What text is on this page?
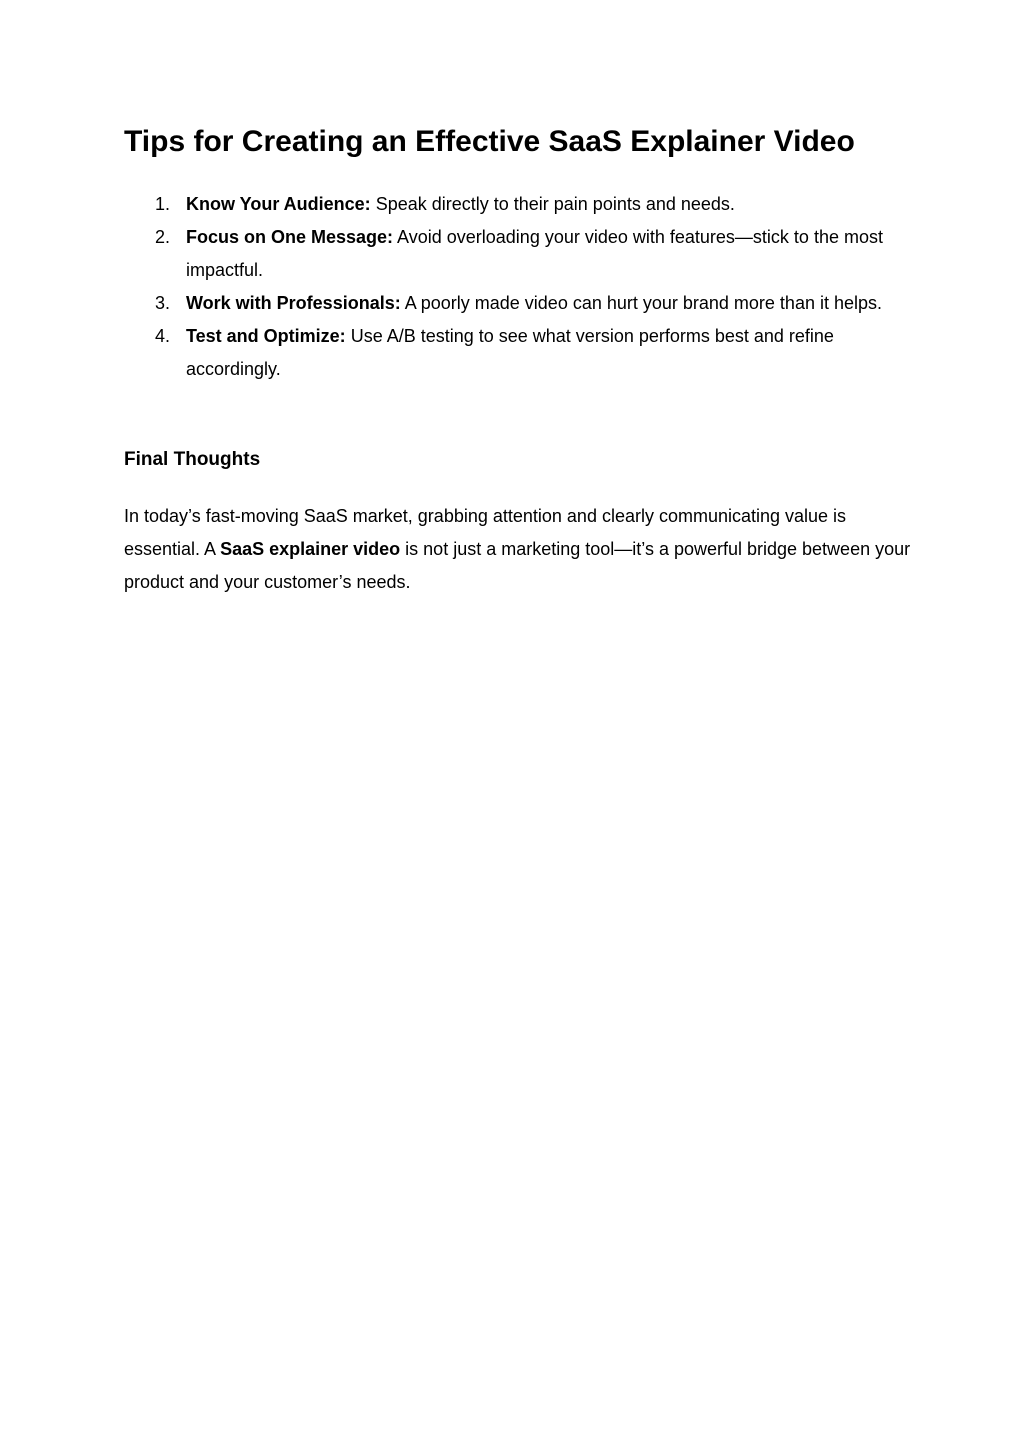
Tips for Creating an Effective SaaS Explainer Video
1. Know Your Audience: Speak directly to their pain points and needs.
2. Focus on One Message: Avoid overloading your video with features—stick to the most impactful.
3. Work with Professionals: A poorly made video can hurt your brand more than it helps.
4. Test and Optimize: Use A/B testing to see what version performs best and refine accordingly.
Final Thoughts

In today’s fast-moving SaaS market, grabbing attention and clearly communicating value is essential. A SaaS explainer video is not just a marketing tool—it’s a powerful bridge between your product and your customer’s needs.
